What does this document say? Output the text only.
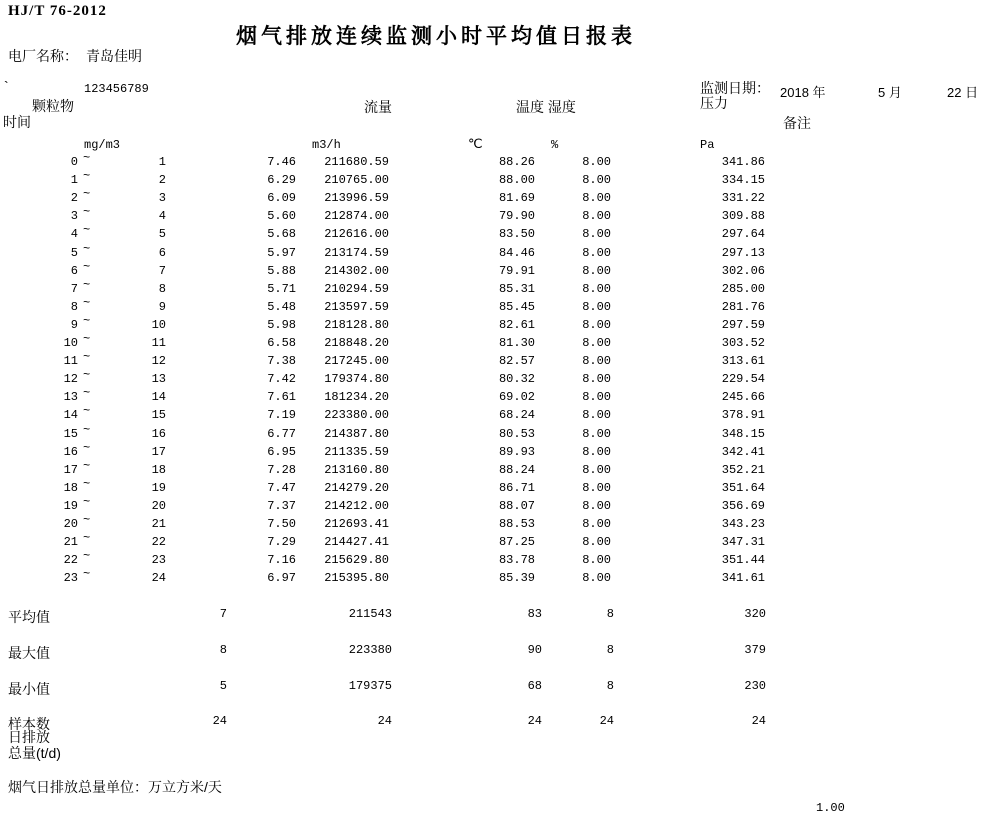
HJ/T 76-2012
烟气排放连续监测小时平均值日报表
电厂名称： 青岛佳明
`	123456789	监测日期： 2018 年	5 月	22 日
颗粒物	流量	温度 湿度	压力
时间	备注
mg/m3	m3/h	℃	%	Pa
0 ~	1	7.46	211680.59	88.26	8.00	341.86
1 ~	2	6.29	210765.00	88.00	8.00	334.15
2 ~	3	6.09	213996.59	81.69	8.00	331.22
3 ~	4	5.60	212874.00	79.90	8.00	309.88
4 ~	5	5.68	212616.00	83.50	8.00	297.64
5 ~	6	5.97	213174.59	84.46	8.00	297.13
6 ~	7	5.88	214302.00	79.91	8.00	302.06
7 ~	8	5.71	210294.59	85.31	8.00	285.00
8 ~	9	5.48	213597.59	85.45	8.00	281.76
9 ~	10	5.98	218128.80	82.61	8.00	297.59
10 ~	11	6.58	218848.20	81.30	8.00	303.52
11 ~	12	7.38	217245.00	82.57	8.00	313.61
12 ~	13	7.42	179374.80	80.32	8.00	229.54
13 ~	14	7.61	181234.20	69.02	8.00	245.66
14 ~	15	7.19	223380.00	68.24	8.00	378.91
15 ~	16	6.77	214387.80	80.53	8.00	348.15
16 ~	17	6.95	211335.59	89.93	8.00	342.41
17 ~	18	7.28	213160.80	88.24	8.00	352.21
18 ~	19	7.47	214279.20	86.71	8.00	351.64
19 ~	20	7.37	214212.00	88.07	8.00	356.69
20 ~	21	7.50	212693.41	88.53	8.00	343.23
21 ~	22	7.29	214427.41	87.25	8.00	347.31
22 ~	23	7.16	215629.80	83.78	8.00	351.44
23 ~	24	6.97	215395.80	85.39	8.00	341.61
平均值	7	211543	83	8	320
最大值	8	223380	90	8	379
最小值	5	179375	68	8	230
样本数	24	24	24	24	24
日排放
总量(t/d)
烟气日排放总量单位：万立方米/天
1.00
